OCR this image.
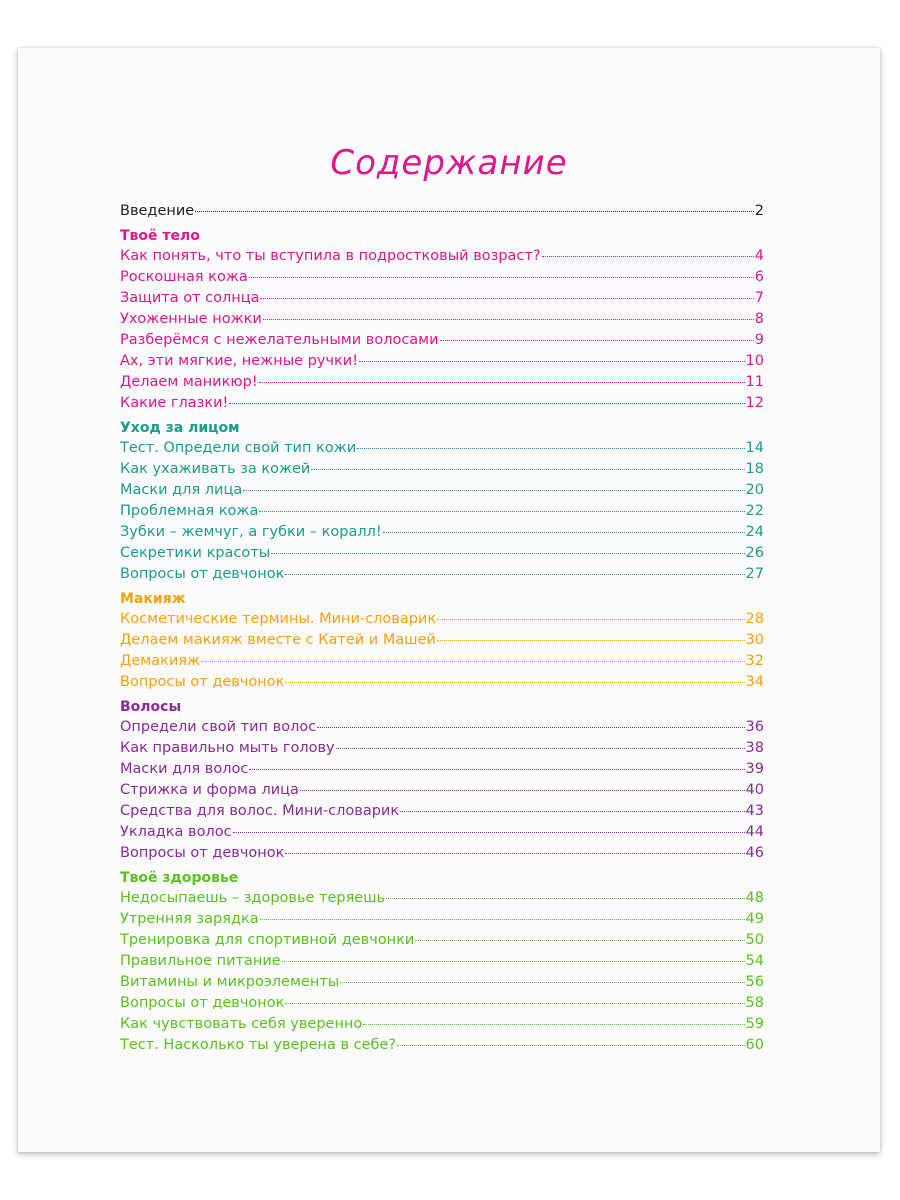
Содержание
Введение	2
Твоё тело
Как понять, что ты вступила в подростковый возраст?	4
Роскошная кожа	6
Защита от солнца	7
Ухоженные ножки	8
Разберёмся с нежелательными волосами	9
Ах, эти мягкие, нежные ручки!	10
Делаем маникюр!	11
Какие глазки!	12
Уход за лицом
Тест. Определи свой тип кожи	14
Как ухаживать за кожей	18
Маски для лица	20
Проблемная кожа	22
Зубки – жемчуг, а губки – коралл!	24
Секретики красоты	26
Вопросы от девчонок	27
Макияж
Косметические термины. Мини-словарик	28
Делаем макияж вместе с Катей и Машей	30
Демакияж	32
Вопросы от девчонок	34
Волосы
Определи свой тип волос	36
Как правильно мыть голову	38
Маски для волос	39
Стрижка и форма лица	40
Средства для волос. Мини-словарик	43
Укладка волос	44
Вопросы от девчонок	46
Твоё здоровье
Недосыпаешь – здоровье теряешь	48
Утренняя зарядка	49
Тренировка для спортивной девчонки	50
Правильное питание	54
Витамины и микроэлементы	56
Вопросы от девчонок	58
Как чувствовать себя уверенно	59
Тест. Насколько ты уверена в себе?	60
